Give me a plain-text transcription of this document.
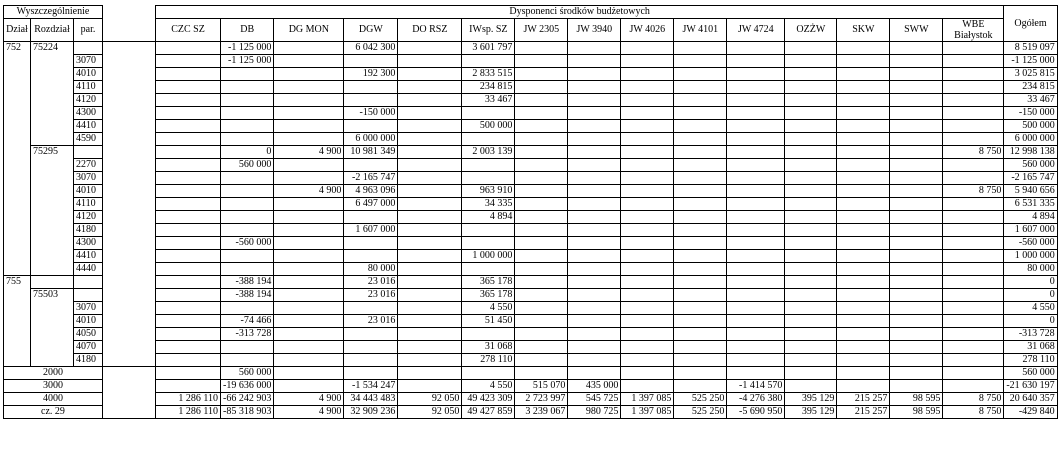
Wyszczególnienie				Dysponenci środków budżetowych															Ogółem
Dział	Rozdział	par.		CZC SZ	DB	DG MON	DGW	DO RSZ	IWsp. SZ	JW 2305	JW 3940	JW 4026	JW 4101	JW 4724	OZŻW	SKW	SWW	WBE Białystok	
752	75224				-1 125 000		6 042 300		3 601 797										8 519 097
		3070			-1 125 000														-1 125 000
		4010					192 300		2 833 515										3 025 815
		4110							234 815										234 815
		4120							33 467										33 467
		4300					-150 000												-150 000
		4410							500 000										500 000
		4590					6 000 000												6 000 000
	75295				0	4 900	10 981 349		2 003 139									8 750	12 998 138
		2270			560 000														560 000
		3070					-2 165 747												-2 165 747
		4010				4 900	4 963 096		963 910									8 750	5 940 656
		4110					6 497 000		34 335										6 531 335
		4120							4 894										4 894
		4180					1 607 000												1 607 000
		4300			-560 000														-560 000
		4410							1 000 000										1 000 000
		4440					80 000												80 000
755					-388 194		23 016		365 178										0
	75503				-388 194		23 016		365 178										0
		3070							4 550										4 550
		4010			-74 466		23 016		51 450										0
		4050			-313 728														-313 728
		4070							31 068										31 068
		4180							278 110										278 110
2000					560 000														560 000
3000					-19 636 000		-1 534 247		4 550	515 070	435 000			-1 414 570					-21 630 197
4000				1 286 110	-66 242 903	4 900	34 443 483	92 050	49 423 309	2 723 997	545 725	1 397 085	525 250	-4 276 380	395 129	215 257	98 595	8 750	20 640 357
cz. 29				1 286 110	-85 318 903	4 900	32 909 236	92 050	49 427 859	3 239 067	980 725	1 397 085	525 250	-5 690 950	395 129	215 257	98 595	8 750	-429 840
